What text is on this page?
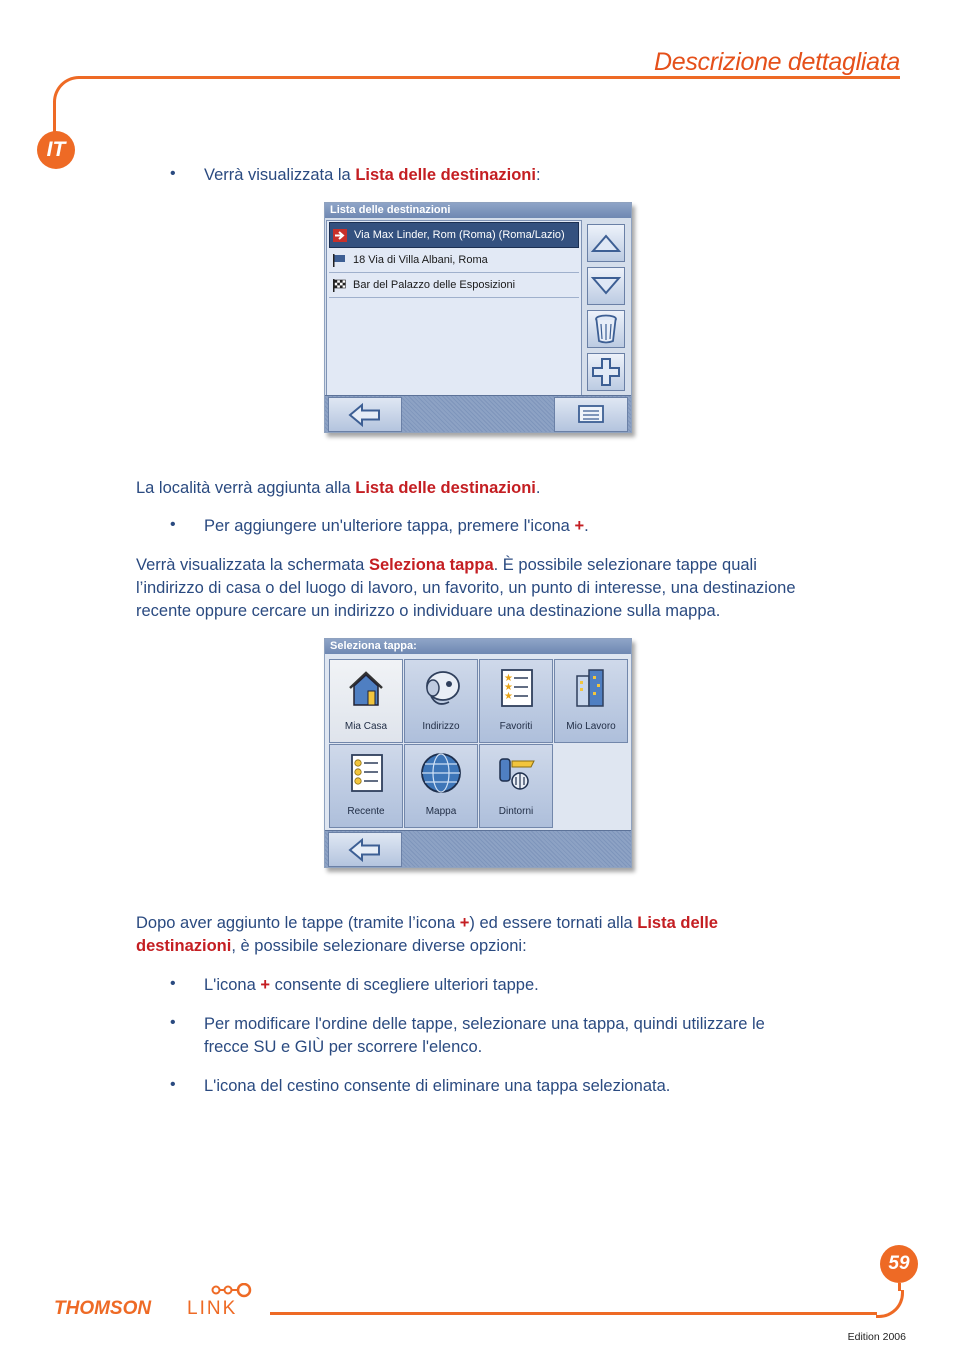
Descrizione dettagliata
IT
• Verrà visualizzata la Lista delle destinazioni:

Lista delle destinazioni
Via Max Linder, Rom (Roma) (Roma/Lazio)
18 Via di Villa Albani, Roma
Bar del Palazzo delle Esposizioni

La località verrà aggiunta alla Lista delle destinazioni.

• Per aggiungere un'ulteriore tappa, premere l'icona +.

Verrà visualizzata la schermata Seleziona tappa. È possibile selezionare tappe quali l’indirizzo di casa o del luogo di lavoro, un favorito, un punto di interesse, una destinazione recente oppure cercare un indirizzo o individuare una destinazione sulla mappa.

Seleziona tappa:
Mia Casa	Indirizzo
★
★
★
Favoriti	Mio Lavoro
Recente	Mappa	Dintorni

Dopo aver aggiunto le tappe (tramite l’icona +) ed essere tornati alla Lista delle destinazioni, è possibile selezionare diverse opzioni:

• L'icona + consente di scegliere ulteriori tappe.

• Per modificare l'ordine delle tappe, selezionare una tappa, quindi utilizzare le frecce SU e GIÙ per scorrere l'elenco.

• L'icona del cestino consente di eliminare una tappa selezionata.

59
THOMSON LINK
Edition 2006
